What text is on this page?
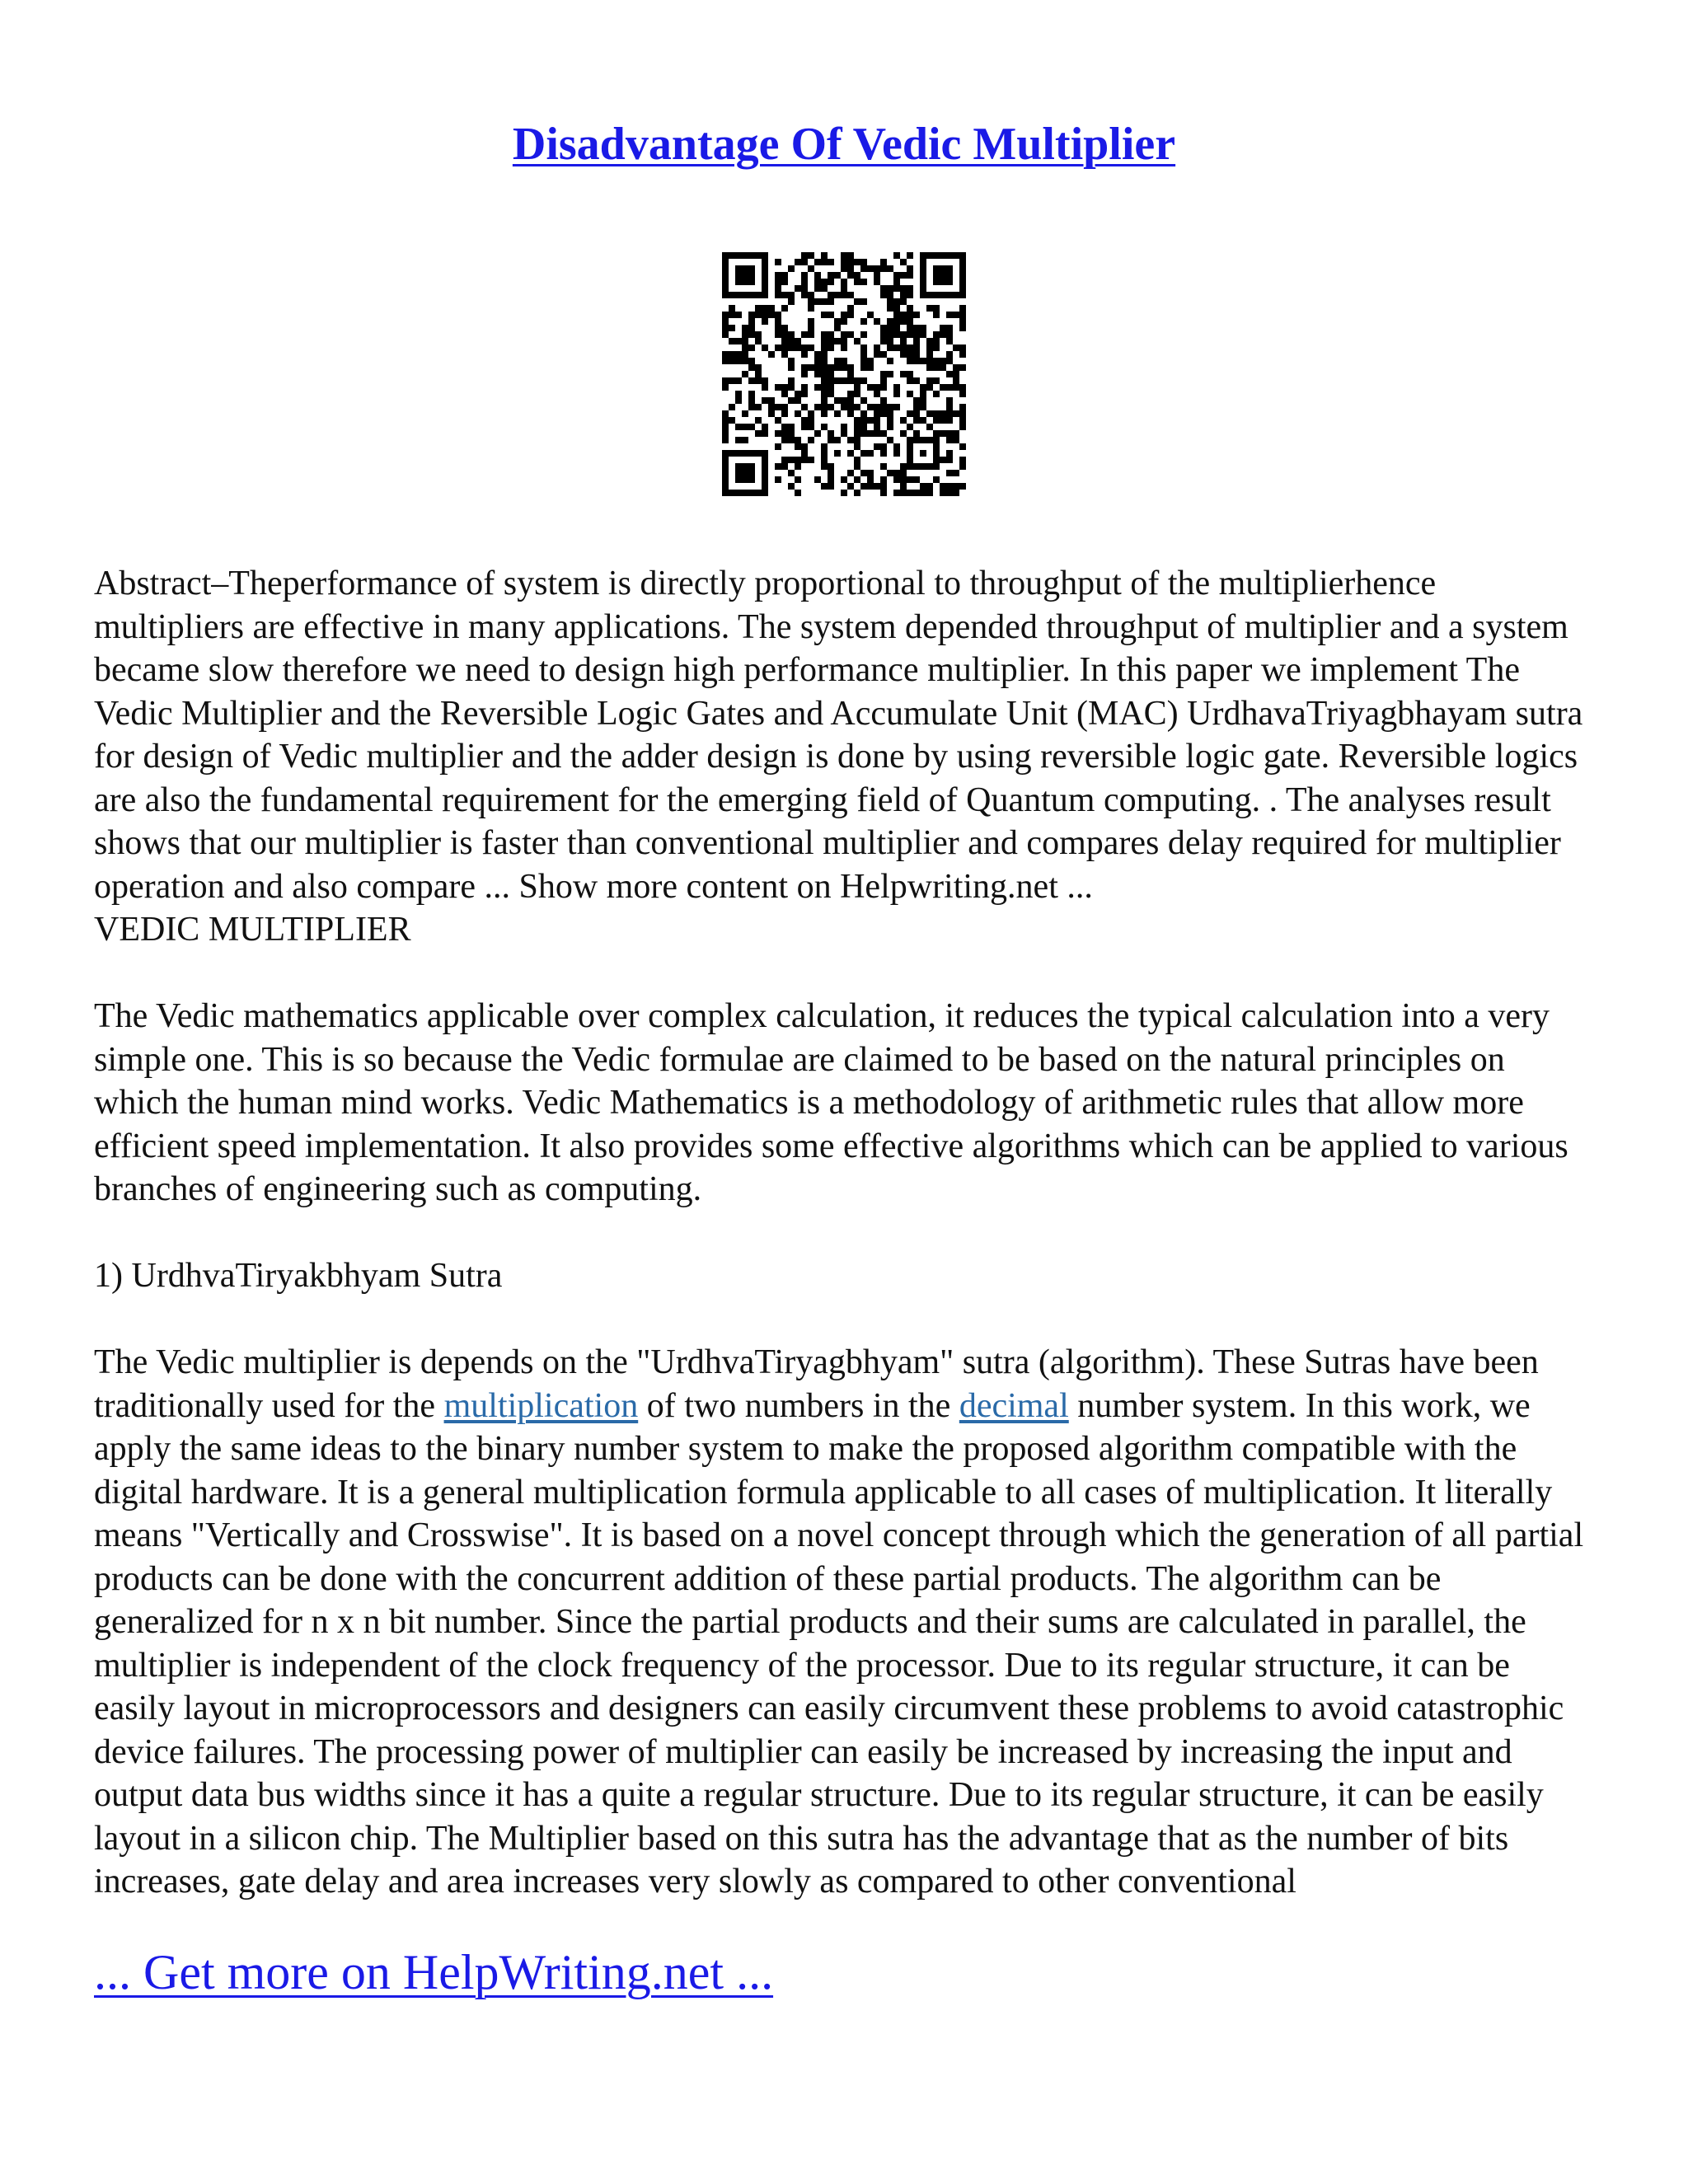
Disadvantage Of Vedic Multiplier

Abstract–Theperformance of system is directly proportional to throughput of the multiplierhence multipliers are effective in many applications. The system depended throughput of multiplier and a system became slow therefore we need to design high performance multiplier. In this paper we implement The Vedic Multiplier and the Reversible Logic Gates and Accumulate Unit (MAC) UrdhavaTriyagbhayam sutra for design of Vedic multiplier and the adder design is done by using reversible logic gate. Reversible logics are also the fundamental requirement for the emerging field of Quantum computing. . The analyses result shows that our multiplier is faster than conventional multiplier and compares delay required for multiplier operation and also compare ... Show more content on Helpwriting.net ...

VEDIC MULTIPLIER

The Vedic mathematics applicable over complex calculation, it reduces the typical calculation into a very simple one. This is so because the Vedic formulae are claimed to be based on the natural principles on which the human mind works. Vedic Mathematics is a methodology of arithmetic rules that allow more efficient speed implementation. It also provides some effective algorithms which can be applied to various branches of engineering such as computing.

1) UrdhvaTiryakbhyam Sutra

The Vedic multiplier is depends on the "UrdhvaTiryagbhyam" sutra (algorithm). These Sutras have been traditionally used for the multiplication of two numbers in the decimal number system. In this work, we apply the same ideas to the binary number system to make the proposed algorithm compatible with the digital hardware. It is a general multiplication formula applicable to all cases of multiplication. It literally means "Vertically and Crosswise". It is based on a novel concept through which the generation of all partial products can be done with the concurrent addition of these partial products. The algorithm can be generalized for n x n bit number. Since the partial products and their sums are calculated in parallel, the multiplier is independent of the clock frequency of the processor. Due to its regular structure, it can be easily layout in microprocessors and designers can easily circumvent these problems to avoid catastrophic device failures. The processing power of multiplier can easily be increased by increasing the input and output data bus widths since it has a quite a regular structure. Due to its regular structure, it can be easily layout in a silicon chip. The Multiplier based on this sutra has the advantage that as the number of bits increases, gate delay and area increases very slowly as compared to other conventional

... Get more on HelpWriting.net ...
